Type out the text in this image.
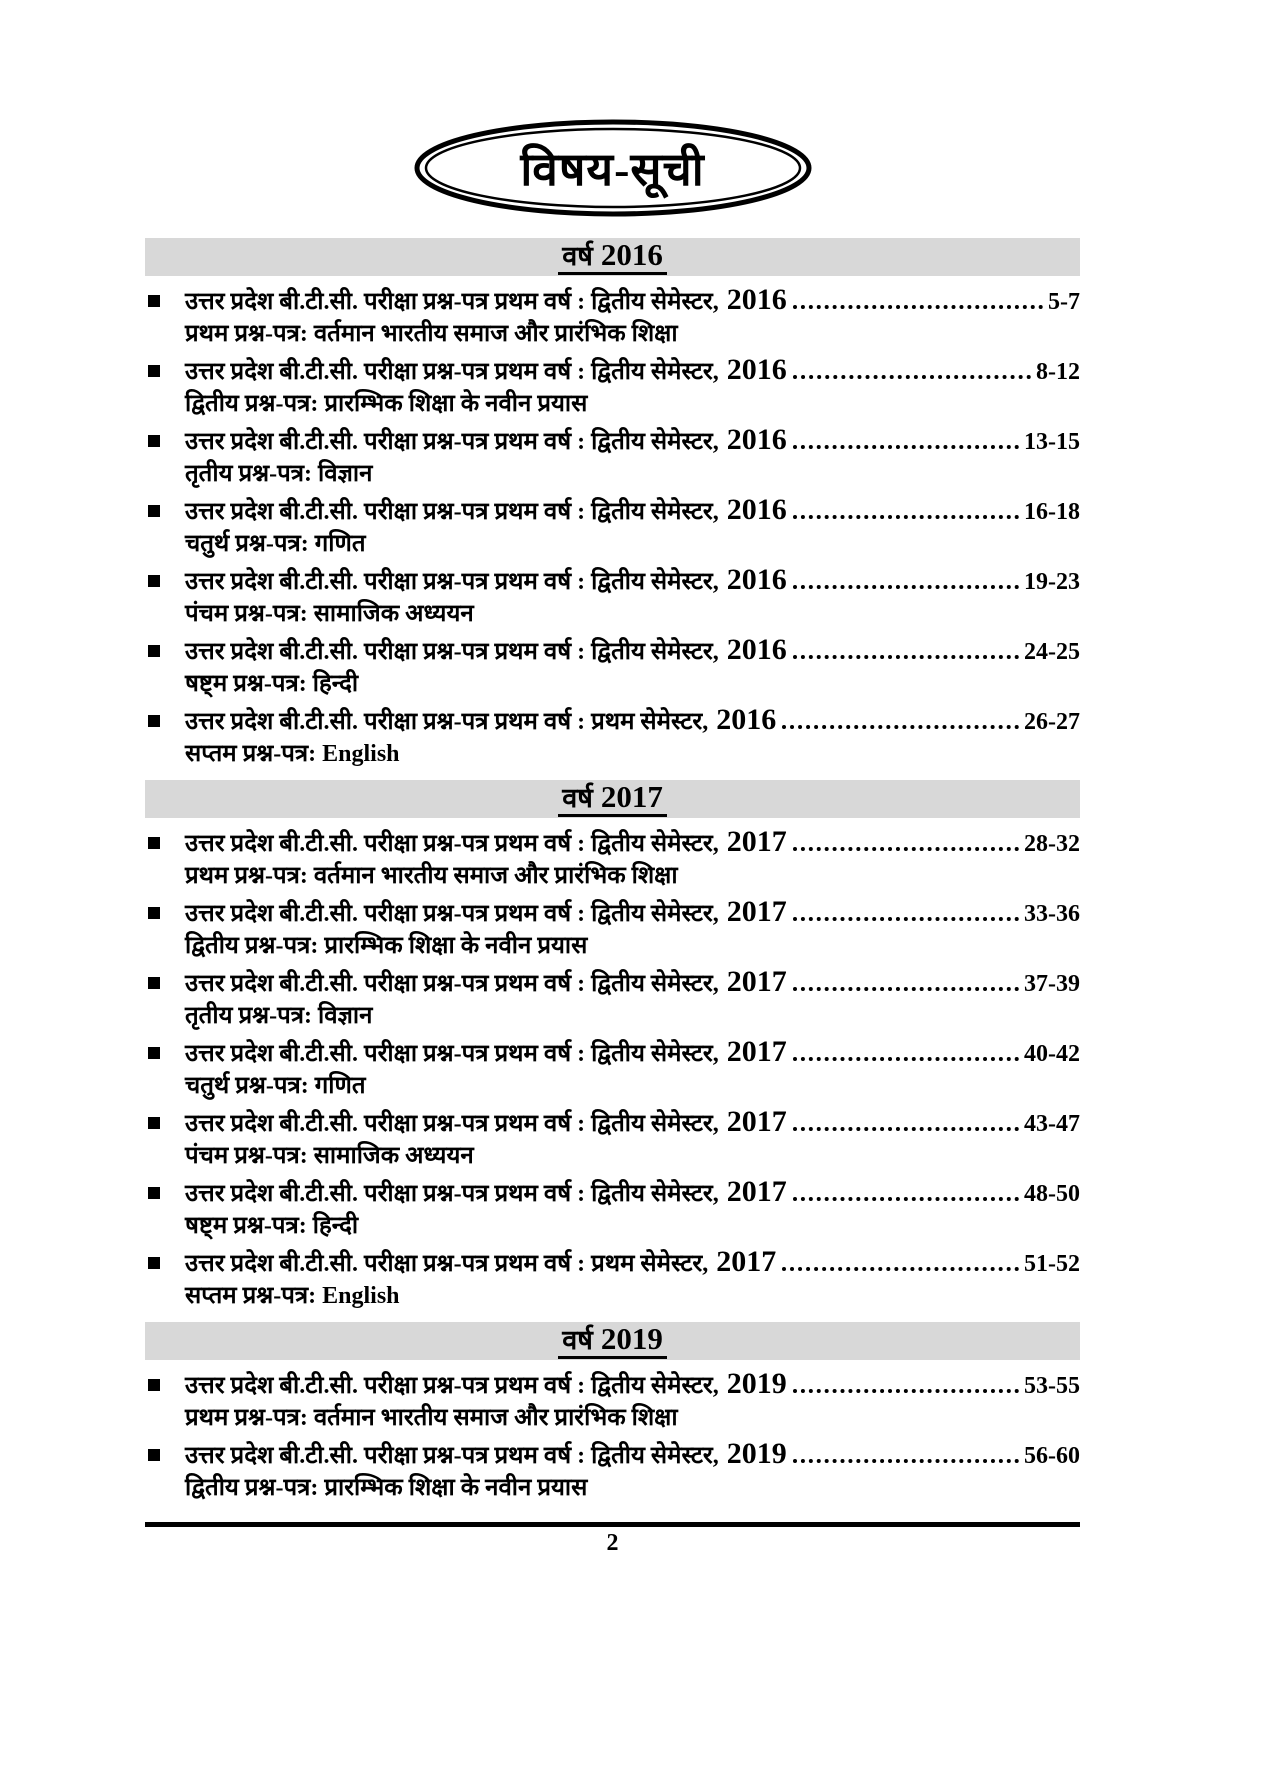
विषय-सूची
वर्ष 2016
उत्तर प्रदेश बी.टी.सी. परीक्षा प्रश्न-पत्र प्रथम वर्ष : द्वितीय सेमेस्टर, 2016	5-7
प्रथम प्रश्न-पत्र: वर्तमान भारतीय समाज और प्रारंभिक शिक्षा
उत्तर प्रदेश बी.टी.सी. परीक्षा प्रश्न-पत्र प्रथम वर्ष : द्वितीय सेमेस्टर, 2016	8-12
द्वितीय प्रश्न-पत्र: प्रारम्भिक शिक्षा के नवीन प्रयास
उत्तर प्रदेश बी.टी.सी. परीक्षा प्रश्न-पत्र प्रथम वर्ष : द्वितीय सेमेस्टर, 2016	13-15
तृतीय प्रश्न-पत्र: विज्ञान
उत्तर प्रदेश बी.टी.सी. परीक्षा प्रश्न-पत्र प्रथम वर्ष : द्वितीय सेमेस्टर, 2016	16-18
चतुर्थ प्रश्न-पत्र: गणित
उत्तर प्रदेश बी.टी.सी. परीक्षा प्रश्न-पत्र प्रथम वर्ष : द्वितीय सेमेस्टर, 2016	19-23
पंचम प्रश्न-पत्र: सामाजिक अध्ययन
उत्तर प्रदेश बी.टी.सी. परीक्षा प्रश्न-पत्र प्रथम वर्ष : द्वितीय सेमेस्टर, 2016	24-25
षष्ट्म प्रश्न-पत्र: हिन्दी
उत्तर प्रदेश बी.टी.सी. परीक्षा प्रश्न-पत्र प्रथम वर्ष : प्रथम सेमेस्टर, 2016	26-27
सप्तम प्रश्न-पत्र: English
वर्ष 2017
उत्तर प्रदेश बी.टी.सी. परीक्षा प्रश्न-पत्र प्रथम वर्ष : द्वितीय सेमेस्टर, 2017	28-32
प्रथम प्रश्न-पत्र: वर्तमान भारतीय समाज और प्रारंभिक शिक्षा
उत्तर प्रदेश बी.टी.सी. परीक्षा प्रश्न-पत्र प्रथम वर्ष : द्वितीय सेमेस्टर, 2017	33-36
द्वितीय प्रश्न-पत्र: प्रारम्भिक शिक्षा के नवीन प्रयास
उत्तर प्रदेश बी.टी.सी. परीक्षा प्रश्न-पत्र प्रथम वर्ष : द्वितीय सेमेस्टर, 2017	37-39
तृतीय प्रश्न-पत्र: विज्ञान
उत्तर प्रदेश बी.टी.सी. परीक्षा प्रश्न-पत्र प्रथम वर्ष : द्वितीय सेमेस्टर, 2017	40-42
चतुर्थ प्रश्न-पत्र: गणित
उत्तर प्रदेश बी.टी.सी. परीक्षा प्रश्न-पत्र प्रथम वर्ष : द्वितीय सेमेस्टर, 2017	43-47
पंचम प्रश्न-पत्र: सामाजिक अध्ययन
उत्तर प्रदेश बी.टी.सी. परीक्षा प्रश्न-पत्र प्रथम वर्ष : द्वितीय सेमेस्टर, 2017	48-50
षष्ट्म प्रश्न-पत्र: हिन्दी
उत्तर प्रदेश बी.टी.सी. परीक्षा प्रश्न-पत्र प्रथम वर्ष : प्रथम सेमेस्टर, 2017	51-52
सप्तम प्रश्न-पत्र: English
वर्ष 2019
उत्तर प्रदेश बी.टी.सी. परीक्षा प्रश्न-पत्र प्रथम वर्ष : द्वितीय सेमेस्टर, 2019	53-55
प्रथम प्रश्न-पत्र: वर्तमान भारतीय समाज और प्रारंभिक शिक्षा
उत्तर प्रदेश बी.टी.सी. परीक्षा प्रश्न-पत्र प्रथम वर्ष : द्वितीय सेमेस्टर, 2019	56-60
द्वितीय प्रश्न-पत्र: प्रारम्भिक शिक्षा के नवीन प्रयास
2
